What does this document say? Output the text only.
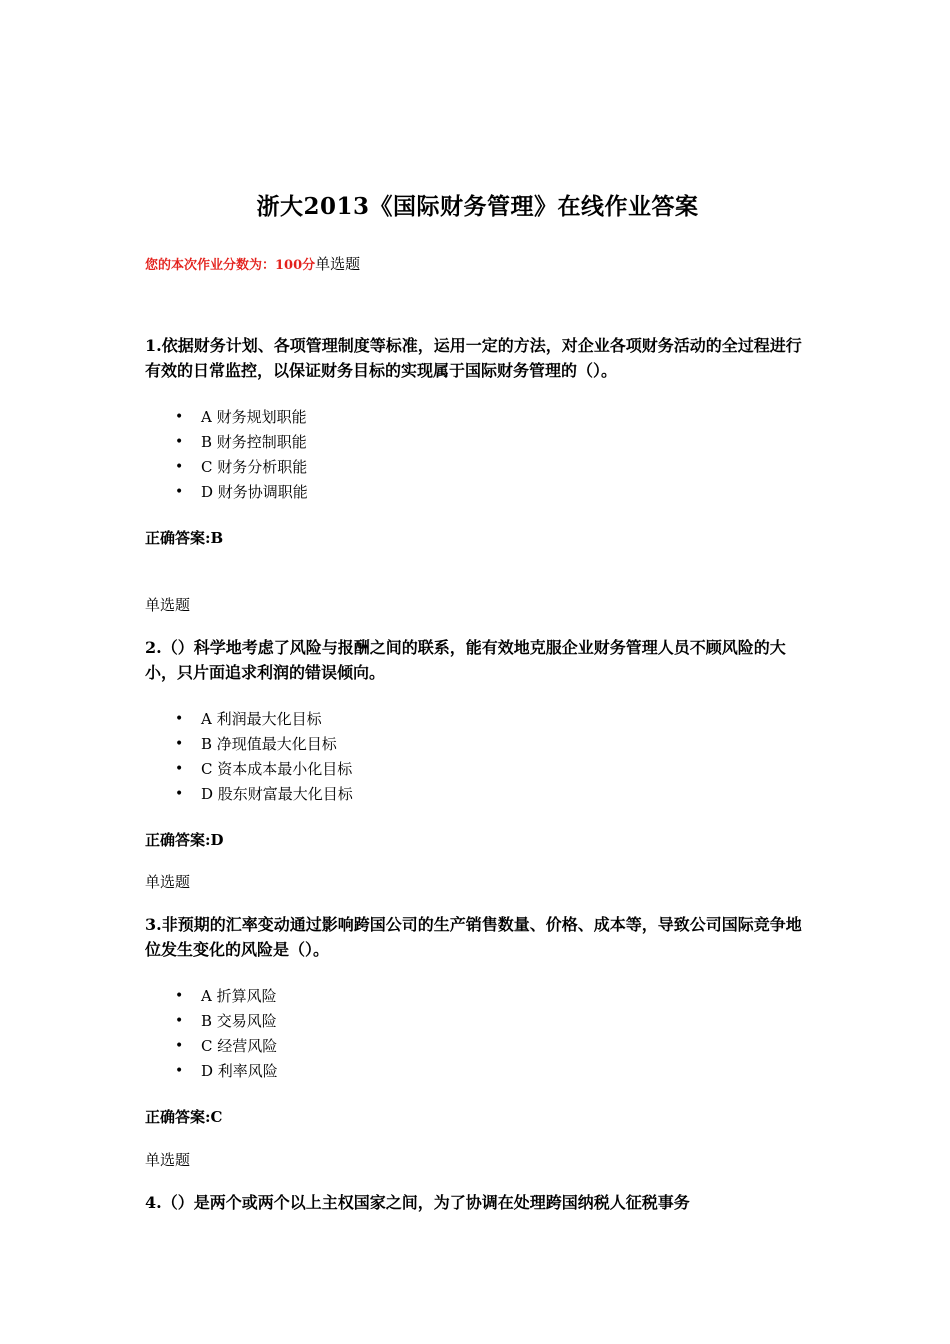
浙大2013《国际财务管理》在线作业答案
您的本次作业分数为：100分单选题

1.依据财务计划、各项管理制度等标准，运用一定的方法，对企业各项财务活动的全过程进行有效的日常监控，以保证财务目标的实现属于国际财务管理的（）。

• A 财务规划职能
• B 财务控制职能
• C 财务分析职能
• D 财务协调职能

正确答案:B

单选题

2.（）科学地考虑了风险与报酬之间的联系，能有效地克服企业财务管理人员不顾风险的大小，只片面追求利润的错误倾向。

• A 利润最大化目标
• B 净现值最大化目标
• C 资本成本最小化目标
• D 股东财富最大化目标

正确答案:D

单选题

3.非预期的汇率变动通过影响跨国公司的生产销售数量、价格、成本等，导致公司国际竞争地位发生变化的风险是（）。

• A 折算风险
• B 交易风险
• C 经营风险
• D 利率风险

正确答案:C

单选题

4.（）是两个或两个以上主权国家之间，为了协调在处理跨国纳税人征税事务
